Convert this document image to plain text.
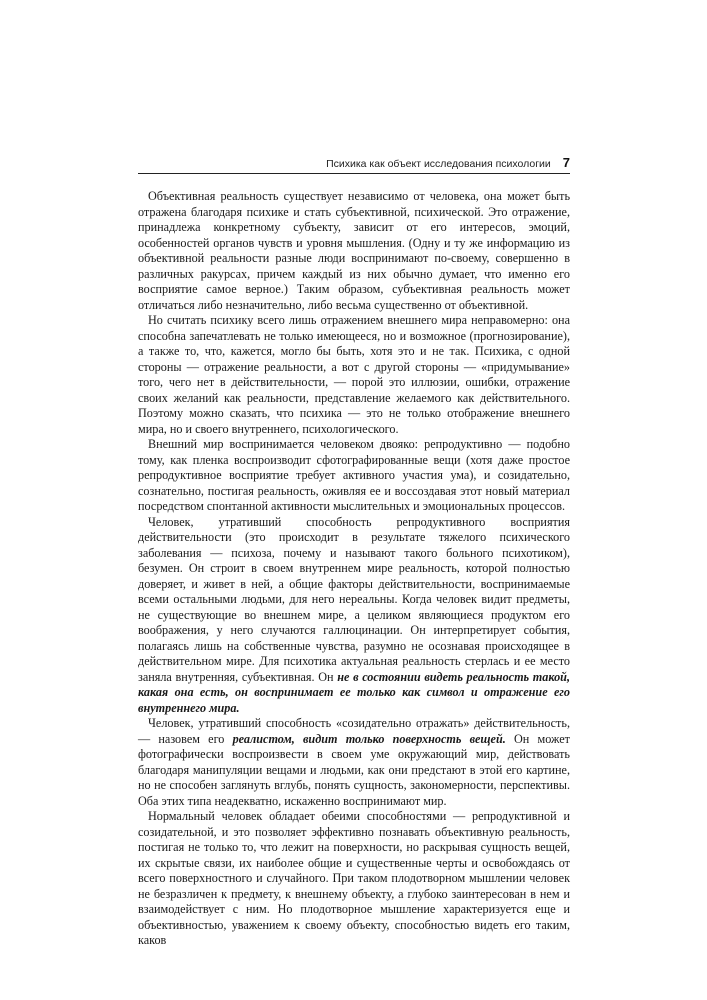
Психика как объект исследования психологии 7

Объективная реальность существует независимо от человека, она может быть отражена благодаря психике и стать субъективной, психической. Это отражение, принадлежа конкретному субъекту, зависит от его интересов, эмоций, особенностей органов чувств и уровня мышления. (Одну и ту же информацию из объективной реальности разные люди воспринимают по-своему, совершенно в различных ракурсах, причем каждый из них обычно думает, что именно его восприятие самое верное.) Таким образом, субъективная реальность может отличаться либо незначительно, либо весьма существенно от объективной.

Но считать психику всего лишь отражением внешнего мира неправомерно: она способна запечатлевать не только имеющееся, но и возможное (прогнозирование), а также то, что, кажется, могло бы быть, хотя это и не так. Психика, с одной стороны — отражение реальности, а вот с другой стороны — «придумывание» того, чего нет в действительности, — порой это иллюзии, ошибки, отражение своих желаний как реальности, представление желаемого как действительного. Поэтому можно сказать, что психика — это не только отображение внешнего мира, но и своего внутреннего, психологического.

Внешний мир воспринимается человеком двояко: репродуктивно — подобно тому, как пленка воспроизводит сфотографированные вещи (хотя даже простое репродуктивное восприятие требует активного участия ума), и созидательно, сознательно, постигая реальность, оживляя ее и воссоздавая этот новый материал посредством спонтанной активности мыслительных и эмоциональных процессов.

Человек, утративший способность репродуктивного восприятия действительности (это происходит в результате тяжелого психического заболевания — психоза, почему и называют такого больного психотиком), безумен. Он строит в своем внутреннем мире реальность, которой полностью доверяет, и живет в ней, а общие факторы действительности, воспринимаемые всеми остальными людьми, для него нереальны. Когда человек видит предметы, не существующие во внешнем мире, а целиком являющиеся продуктом его воображения, у него случаются галлюцинации. Он интерпретирует события, полагаясь лишь на собственные чувства, разумно не осознавая происходящее в действительном мире. Для психотика актуальная реальность стерлась и ее место заняла внутренняя, субъективная. Он не в состоянии видеть реальность такой, какая она есть, он воспринимает ее только как символ и отражение его внутреннего мира.

Человек, утративший способность «созидательно отражать» действительность, — назовем его реалистом, видит только поверхность вещей. Он может фотографически воспроизвести в своем уме окружающий мир, действовать благодаря манипуляции вещами и людьми, как они предстают в этой его картине, но не способен заглянуть вглубь, понять сущность, закономерности, перспективы. Оба этих типа неадекватно, искаженно воспринимают мир.

Нормальный человек обладает обеими способностями — репродуктивной и созидательной, и это позволяет эффективно познавать объективную реальность, постигая не только то, что лежит на поверхности, но раскрывая сущность вещей, их скрытые связи, их наиболее общие и существенные черты и освобождаясь от всего поверхностного и случайного. При таком плодотворном мышлении человек не безразличен к предмету, к внешнему объекту, а глубоко заинтересован в нем и взаимодействует с ним. Но плодотворное мышление характеризуется еще и объективностью, уважением к своему объекту, способностью видеть его таким, каков
